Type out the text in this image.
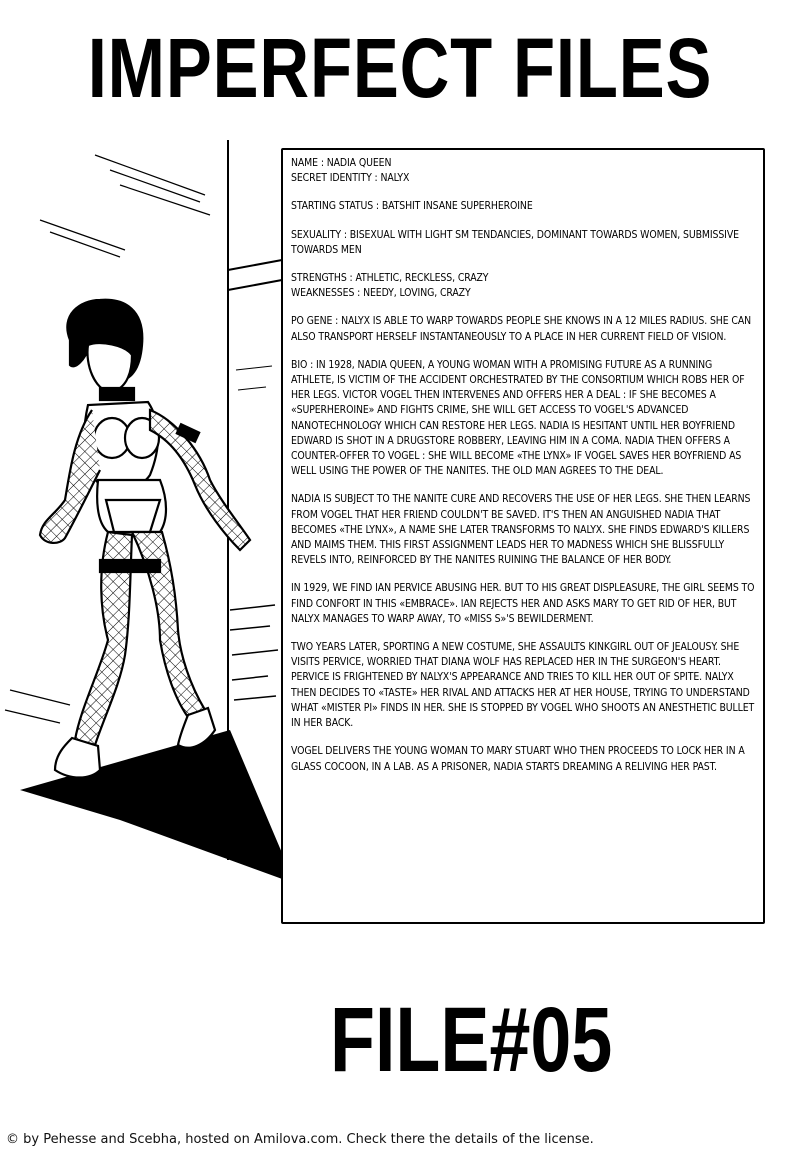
IMPERFECT FILES

NAME : NADIA QUEEN
SECRET IDENTITY : NALYX

STARTING STATUS : BATSHIT INSANE SUPERHEROINE

SEXUALITY : BISEXUAL WITH LIGHT SM TENDANCIES, DOMINANT TOWARDS WOMEN, SUBMISSIVE TOWARDS MEN

STRENGTHS : ATHLETIC, RECKLESS, CRAZY
WEAKNESSES : NEEDY, LOVING, CRAZY

PO GENE : NALYX IS ABLE TO WARP TOWARDS PEOPLE SHE KNOWS IN A 12 MILES RADIUS. SHE CAN ALSO TRANSPORT HERSELF INSTANTANEOUSLY TO A PLACE IN HER CURRENT FIELD OF VISION.

BIO : IN 1928, NADIA QUEEN, A YOUNG WOMAN WITH A PROMISING FUTURE AS A RUNNING ATHLETE, IS VICTIM OF THE ACCIDENT ORCHESTRATED BY THE CONSORTIUM WHICH ROBS HER OF HER LEGS. VICTOR VOGEL THEN INTERVENES AND OFFERS HER A DEAL : IF SHE BECOMES A «SUPERHEROINE» AND FIGHTS CRIME, SHE WILL GET ACCESS TO VOGEL'S ADVANCED NANOTECHNOLOGY WHICH CAN RESTORE HER LEGS. NADIA IS HESITANT UNTIL HER BOYFRIEND EDWARD IS SHOT IN A DRUGSTORE ROBBERY, LEAVING HIM IN A COMA. NADIA THEN OFFERS A COUNTER-OFFER TO VOGEL : SHE WILL BECOME «THE LYNX» IF VOGEL SAVES HER BOYFRIEND AS WELL USING THE POWER OF THE NANITES. THE OLD MAN AGREES TO THE DEAL.

NADIA IS SUBJECT TO THE NANITE CURE AND RECOVERS THE USE OF HER LEGS. SHE THEN LEARNS FROM VOGEL THAT HER FRIEND COULDN'T BE SAVED. IT'S THEN AN ANGUISHED NADIA THAT BECOMES «THE LYNX», A NAME SHE LATER TRANSFORMS TO NALYX. SHE FINDS EDWARD'S KILLERS AND MAIMS THEM. THIS FIRST ASSIGNMENT LEADS HER TO MADNESS WHICH SHE BLISSFULLY REVELS INTO, REINFORCED BY THE NANITES RUINING THE BALANCE OF HER BODY.

IN 1929, WE FIND IAN PERVICE ABUSING HER. BUT TO HIS GREAT DISPLEASURE, THE GIRL SEEMS TO FIND CONFORT IN THIS «EMBRACE». IAN REJECTS HER AND ASKS MARY TO GET RID OF HER, BUT NALYX MANAGES TO WARP AWAY, TO «MISS S»'S BEWILDERMENT.

TWO YEARS LATER, SPORTING A NEW COSTUME, SHE ASSAULTS KINKGIRL OUT OF JEALOUSY. SHE VISITS PERVICE, WORRIED THAT DIANA WOLF HAS REPLACED HER IN THE SURGEON'S HEART. PERVICE IS FRIGHTENED BY NALYX'S APPEARANCE AND TRIES TO KILL HER OUT OF SPITE. NALYX THEN DECIDES TO «TASTE» HER RIVAL AND ATTACKS HER AT HER HOUSE, TRYING TO UNDERSTAND WHAT «MISTER PI» FINDS IN HER. SHE IS STOPPED BY VOGEL WHO SHOOTS AN ANESTHETIC BULLET IN HER BACK.

VOGEL DELIVERS THE YOUNG WOMAN TO MARY STUART WHO THEN PROCEEDS TO LOCK HER IN A GLASS COCOON, IN A LAB. AS A PRISONER, NADIA STARTS DREAMING A RELIVING HER PAST.

FILE#05
© by Pehesse and Scebha, hosted on Amilova.com. Check there the details of the license.
